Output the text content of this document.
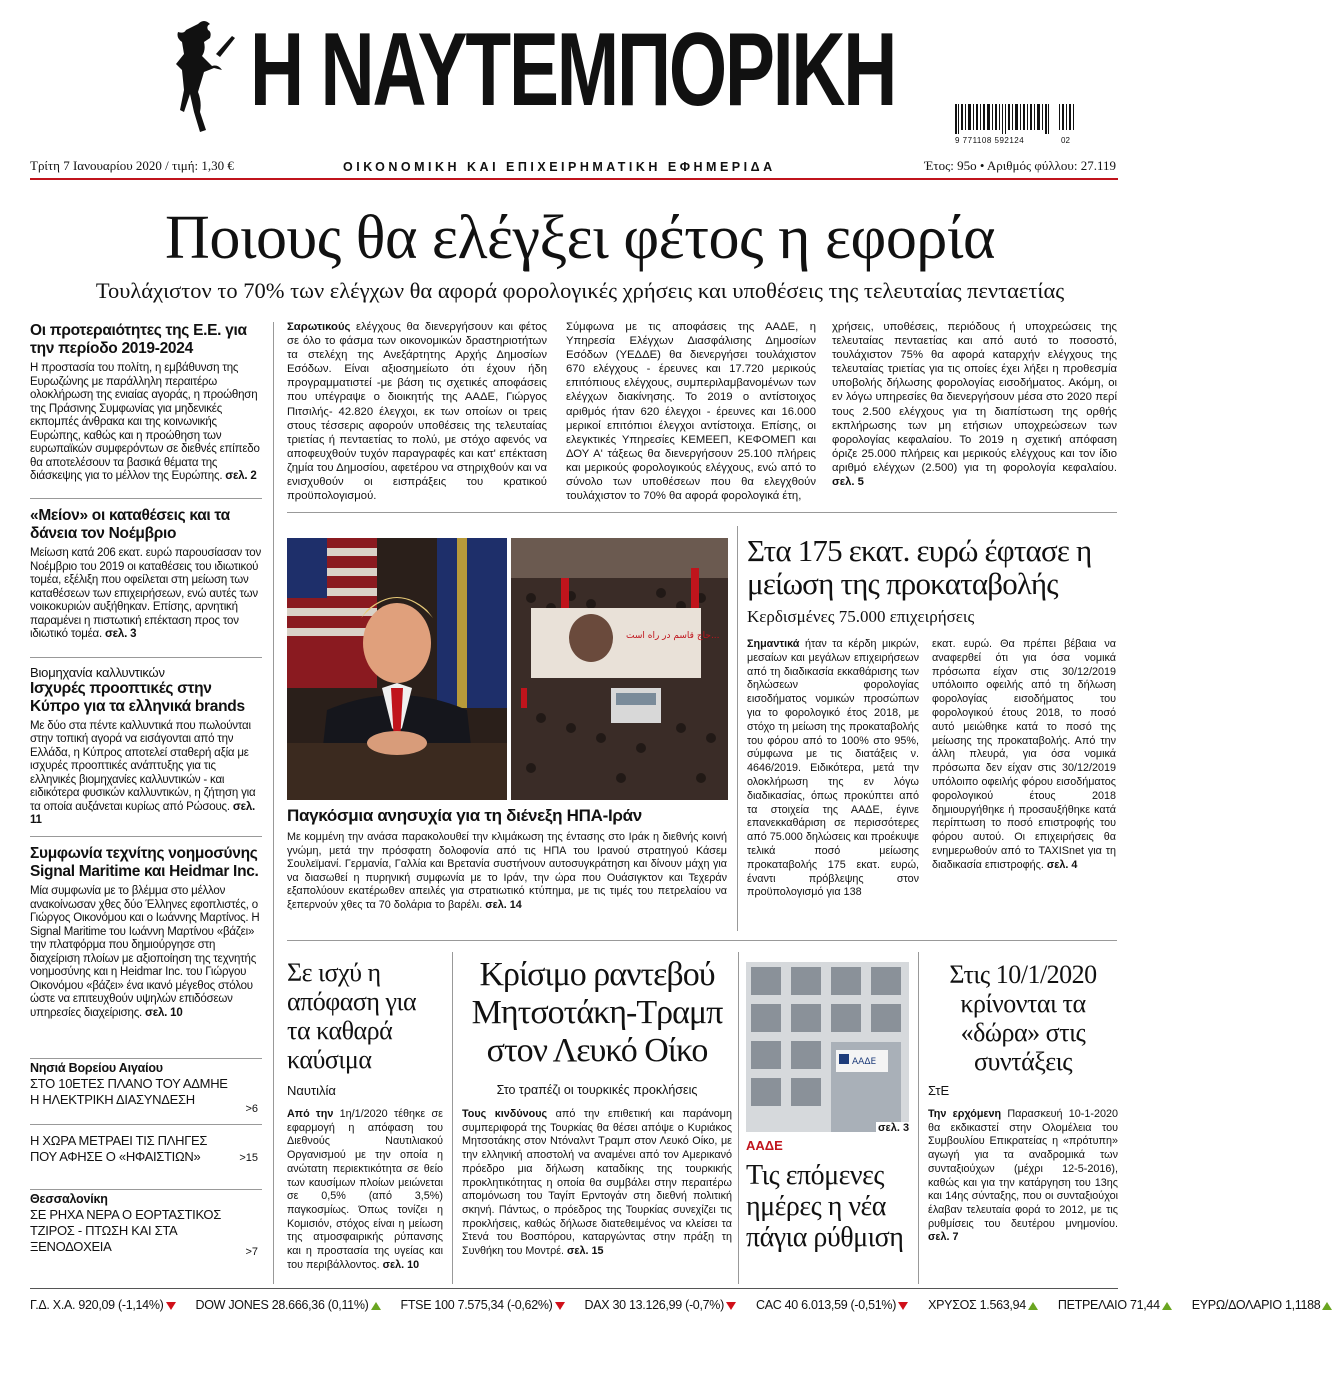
Η ΝΑΥΤΕΜΠΟΡΙΚΗ
9 771108 592124	02
Τρίτη 7 Ιανουαρίου 2020 / τιμή: 1,30 €	ΟΙΚΟΝΟΜΙΚΗ ΚΑΙ ΕΠΙΧΕΙΡΗΜΑΤΙΚΗ ΕΦΗΜΕΡΙΔΑ	Έτος: 95ο • Αριθμός φύλλου: 27.119
Ποιους θα ελέγξει φέτος η εφορία
Τουλάχιστον το 70% των ελέγχων θα αφορά φορολογικές χρήσεις και υποθέσεις της τελευταίας πενταετίας
Οι προτεραιότητες της Ε.Ε. για την περίοδο 2019-2024
Η προστασία του πολίτη, η εμβάθυνση της Ευρωζώνης με παράλληλη περαιτέρω ολοκλήρωση της ενιαίας αγοράς, η προώθηση της Πράσινης Συμφωνίας για μηδενικές εκπομπές άνθρακα και της κοινωνικής Ευρώπης, καθώς και η προώθηση των ευρωπαϊκών συμφερόντων σε διεθνές επίπεδο θα αποτελέσουν τα βασικά θέματα της διάσκεψης για το μέλλον της Ευρώπης. σελ. 2
«Μείον» οι καταθέσεις και τα δάνεια τον Νοέμβριο
Μείωση κατά 206 εκατ. ευρώ παρουσίασαν τον Νοέμβριο του 2019 οι καταθέσεις του ιδιωτικού τομέα, εξέλιξη που οφείλεται στη μείωση των καταθέσεων των επιχειρήσεων, ενώ αυτές των νοικοκυριών αυξήθηκαν. Επίσης, αρνητική παραμένει η πιστωτική επέκταση προς τον ιδιωτικό τομέα. σελ. 3
Βιομηχανία καλλυντικών
Ισχυρές προοπτικές στην Κύπρο για τα ελληνικά brands
Με δύο στα πέντε καλλυντικά που πωλούνται στην τοπική αγορά να εισάγονται από την Ελλάδα, η Κύπρος αποτελεί σταθερή αξία με ισχυρές προοπτικές ανάπτυξης για τις ελληνικές βιομηχανίες καλλυντικών - και ειδικότερα φυσικών καλλυντικών, η ζήτηση για τα οποία αυξάνεται κυρίως από Ρώσους. σελ. 11
Συμφωνία τεχνίτης νοημοσύνης Signal Maritime και Heidmar Inc.
Μία συμφωνία με το βλέμμα στο μέλλον ανακοίνωσαν χθες δύο Έλληνες εφοπλιστές, ο Γιώργος Οικονόμου και ο Ιωάννης Μαρτίνος. Η Signal Maritime του Ιωάννη Μαρτίνου «βάζει» την πλατφόρμα που δημιούργησε στη διαχείριση πλοίων με αξιοποίηση της τεχνητής νοημοσύνης και η Heidmar Inc. του Γιώργου Οικονόμου «βάζει» ένα ικανό μέγεθος στόλου ώστε να επιτευχθούν υψηλών επιδόσεων υπηρεσίες διαχείρισης. σελ. 10
Νησιά Βορείου Αιγαίου
ΣΤΟ 10ΕΤΕΣ ΠΛΑΝΟ ΤΟΥ ΑΔΜΗΕ Η ΗΛΕΚΤΡΙΚΗ ΔΙΑΣΥΝΔΕΣΗ
>6
Η ΧΩΡΑ ΜΕΤΡΑΕΙ ΤΙΣ ΠΛΗΓΕΣ ΠΟΥ ΑΦΗΣΕ Ο «ΗΦΑΙΣΤΙΩΝ»	>15
Θεσσαλονίκη
ΣΕ ΡΗΧΑ ΝΕΡΑ Ο ΕΟΡΤΑΣΤΙΚΟΣ ΤΖΙΡΟΣ - ΠΤΩΣΗ ΚΑΙ ΣΤΑ ΞΕΝΟΔΟΧΕΙΑ	>7
Σαρωτικούς ελέγχους θα διενεργήσουν και φέτος σε όλο το φάσμα των οικονομικών δραστηριοτήτων τα στελέχη της Ανεξάρτητης Αρχής Δημοσίων Εσόδων. Είναι αξιοσημείωτο ότι έχουν ήδη προγραμματιστεί -με βάση τις σχετικές αποφάσεις που υπέγραψε ο διοικητής της ΑΑΔΕ, Γιώργος Πιτσιλής- 42.820 έλεγχοι, εκ των οποίων οι τρεις στους τέσσερις αφορούν υποθέσεις της τελευταίας τριετίας ή πενταετίας το πολύ, με στόχο αφενός να αποφευχθούν τυχόν παραγραφές και κατ' επέκταση ζημία του Δημοσίου, αφετέρου να στηριχθούν και να ενισχυθούν οι εισπράξεις του κρατικού προϋπολογισμού.
Σύμφωνα με τις αποφάσεις της ΑΑΔΕ, η Υπηρεσία Ελέγχων Διασφάλισης Δημοσίων Εσόδων (ΥΕΔΔΕ) θα διενεργήσει τουλάχιστον 670 ελέγχους - έρευνες και 17.720 μερικούς επιτόπιους ελέγχους, συμπεριλαμβανομένων των ελέγχων διακίνησης. Το 2019 ο αντίστοιχος αριθμός ήταν 620 έλεγχοι - έρευνες και 16.000 μερικοί επιτόπιοι έλεγχοι αντίστοιχα. Επίσης, οι ελεγκτικές Υπηρεσίες ΚΕΜΕΕΠ, ΚΕΦΟΜΕΠ και ΔΟΥ Α' τάξεως θα διενεργήσουν 25.100 πλήρεις και μερικούς φορολογικούς ελέγχους, ενώ από το σύνολο των υποθέσεων που θα ελεγχθούν τουλάχιστον το 70% θα αφορά φορολογικά έτη,
χρήσεις, υποθέσεις, περιόδους ή υποχρεώσεις της τελευταίας πενταετίας και από αυτό το ποσοστό, τουλάχιστον 75% θα αφορά καταρχήν ελέγχους της τελευταίας τριετίας για τις οποίες έχει λήξει η προθεσμία υποβολής δήλωσης φορολογίας εισοδήματος. Ακόμη, οι εν λόγω υπηρεσίες θα διενεργήσουν μέσα στο 2020 περί τους 2.500 ελέγχους για τη διαπίστωση της ορθής εκπλήρωσης των μη ετήσιων υποχρεώσεων των φορολογίας κεφαλαίου. Το 2019 η σχετική απόφαση όριζε 25.000 πλήρεις και μερικούς ελέγχους και τον ίδιο αριθμό ελέγχων (2.500) για τη φορολογία κεφαλαίου. σελ. 5
حاج قاسم در راه است...
Παγκόσμια ανησυχία για τη διένεξη ΗΠΑ-Ιράν
Με κομμένη την ανάσα παρακολουθεί την κλιμάκωση της έντασης στο Ιράκ η διεθνής κοινή γνώμη, μετά την πρόσφατη δολοφονία από τις ΗΠΑ του Ιρανού στρατηγού Κάσεμ Σουλεϊμανί. Γερμανία, Γαλλία και Βρετανία συστήνουν αυτοσυγκράτηση και δίνουν μάχη για να διασωθεί η πυρηνική συμφωνία με το Ιράν, την ώρα που Ουάσιγκτον και Τεχεράν εξαπολύουν εκατέρωθεν απειλές για στρατιωτικό κτύπημα, με τις τιμές του πετρελαίου να ξεπερνούν χθες τα 70 δολάρια το βαρέλι. σελ. 14
Στα 175 εκατ. ευρώ έφτασε η μείωση της προκαταβολής
Κερδισμένες 75.000 επιχειρήσεις
Σημαντικά ήταν τα κέρδη μικρών, μεσαίων και μεγάλων επιχειρήσεων από τη διαδικασία εκκαθάρισης των δηλώσεων φορολογίας εισοδήματος νομικών προσώπων για το φορολογικό έτος 2018, με στόχο τη μείωση της προκαταβολής του φόρου από το 100% στο 95%, σύμφωνα με τις διατάξεις ν. 4646/2019. Ειδικότερα, μετά την ολοκλήρωση της εν λόγω διαδικασίας, όπως προκύπτει από τα στοιχεία της ΑΑΔΕ, έγινε επανεκκαθάριση σε περισσότερες από 75.000 δηλώσεις και προέκυψε τελικά ποσό μείωσης προκαταβολής 175 εκατ. ευρώ, έναντι πρόβλεψης στον προϋπολογισμό για 138
εκατ. ευρώ. Θα πρέπει βέβαια να αναφερθεί ότι για όσα νομικά πρόσωπα είχαν στις 30/12/2019 υπόλοιπο οφειλής από τη δήλωση φορολογίας εισοδήματος του φορολογικού έτους 2018, το ποσό αυτό μειώθηκε κατά το ποσό της μείωσης της προκαταβολής. Από την άλλη πλευρά, για όσα νομικά πρόσωπα δεν είχαν στις 30/12/2019 υπόλοιπο οφειλής φόρου εισοδήματος φορολογικού έτους 2018 δημιουργήθηκε ή προσαυξήθηκε κατά περίπτωση το ποσό επιστροφής του φόρου αυτού. Οι επιχειρήσεις θα ενημερωθούν από το TAXISnet για τη διαδικασία επιστροφής. σελ. 4
Σε ισχύ η απόφαση για τα καθαρά καύσιμα
Ναυτιλία
Από την 1η/1/2020 τέθηκε σε εφαρμογή η απόφαση του Διεθνούς Ναυτιλιακού Οργανισμού με την οποία η ανώτατη περιεκτικότητα σε θείο των καυσίμων πλοίων μειώνεται σε 0,5% (από 3,5%) παγκοσμίως. Όπως τονίζει η Κομισιόν, στόχος είναι η μείωση της ατμοσφαιρικής ρύπανσης και η προστασία της υγείας και του περιβάλλοντος. σελ. 10
Κρίσιμο ραντεβού Μητσοτάκη-Τραμπ στον Λευκό Οίκο
Στο τραπέζι οι τουρκικές προκλήσεις
Τους κινδύνους από την επιθετική και παράνομη συμπεριφορά της Τουρκίας θα θέσει απόψε ο Κυριάκος Μητσοτάκης στον Ντόναλντ Τραμπ στον Λευκό Οίκο, με την ελληνική αποστολή να αναμένει από τον Αμερικανό πρόεδρο μια δήλωση καταδίκης της τουρκικής προκλητικότητας η οποία θα συμβάλει στην περαιτέρω απομόνωση του Ταγίπ Ερντογάν στη διεθνή πολιτική σκηνή. Πάντως, ο πρόεδρος της Τουρκίας συνεχίζει τις προκλήσεις, καθώς δήλωσε διατεθειμένος να κλείσει τα Στενά του Βοσπόρου, καταργώντας στην πράξη τη Συνθήκη του Μοντρέ. σελ. 15
ΑΑΔΕ
σελ. 3
ΑΑΔΕ
Τις επόμενες ημέρες η νέα πάγια ρύθμιση
Στις 10/1/2020 κρίνονται τα «δώρα» στις συντάξεις
ΣτΕ
Την ερχόμενη Παρασκευή 10-1-2020 θα εκδικαστεί στην Ολομέλεια του Συμβουλίου Επικρατείας η «πρότυπη» αγωγή για τα αναδρομικά των συνταξιούχων (μέχρι 12-5-2016), καθώς και για την κατάργηση του 13ης και 14ης σύνταξης, που οι συνταξιούχοι έλαβαν τελευταία φορά το 2012, με τις ρυθμίσεις του δευτέρου μνημονίου. σελ. 7
Γ.Δ. Χ.Α. 920,09 (-1,14%)	DOW JONES 28.666,36 (0,11%)	FTSE 100 7.575,34 (-0,62%)	DAX 30 13.126,99 (-0,7%)	CAC 40 6.013,59 (-0,51%)	ΧΡΥΣΟΣ 1.563,94	ΠΕΤΡΕΛΑΙΟ 71,44	ΕΥΡΩ/ΔΟΛΑΡΙΟ 1,1188
